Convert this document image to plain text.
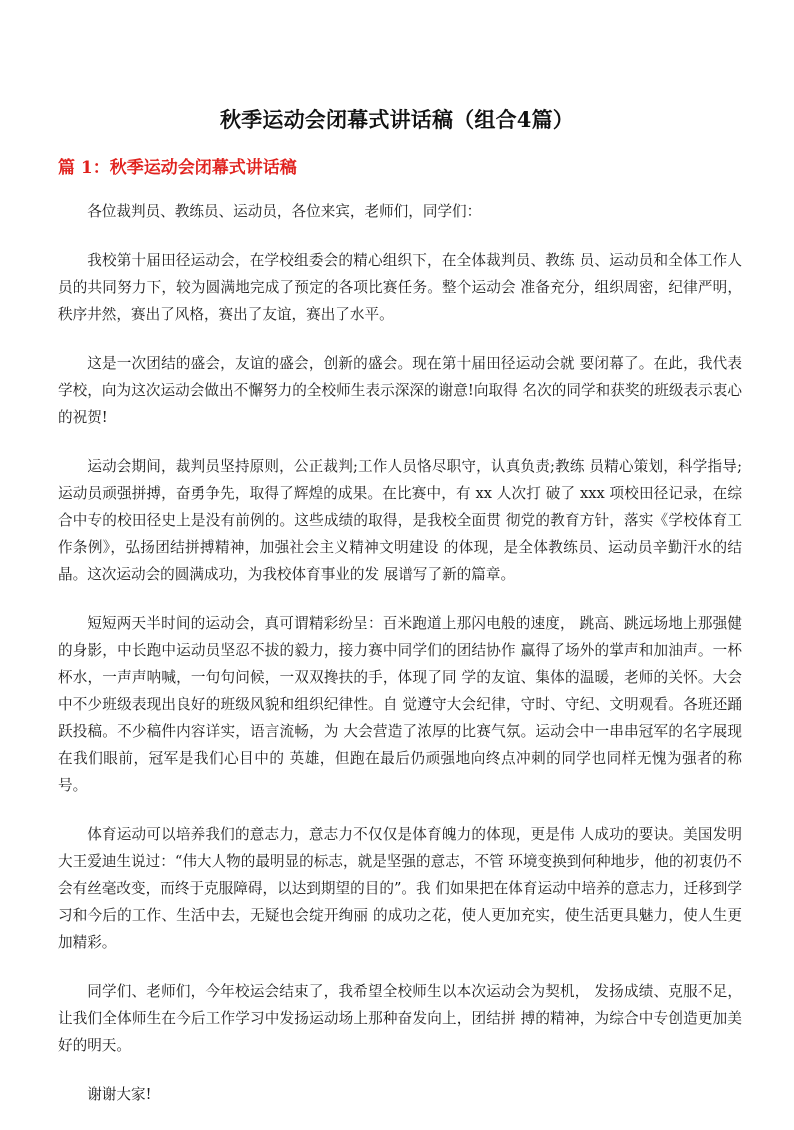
秋季运动会闭幕式讲话稿（组合4篇）
篇 1：秋季运动会闭幕式讲话稿

各位裁判员、教练员、运动员，各位来宾，老师们，同学们：

我校第十届田径运动会，在学校组委会的精心组织下，在全体裁判员、教练 员、运动员和全体工作人员的共同努力下，较为圆满地完成了预定的各项比赛任务。整个运动会 准备充分，组织周密，纪律严明，秩序井然，赛出了风格，赛出了友谊，赛出了水平。

这是一次团结的盛会，友谊的盛会，创新的盛会。现在第十届田径运动会就 要闭幕了。在此，我代表学校，向为这次运动会做出不懈努力的全校师生表示深深的谢意!向取得 名次的同学和获奖的班级表示衷心的祝贺!

运动会期间，裁判员坚持原则，公正裁判;工作人员恪尽职守，认真负责;教练 员精心策划，科学指导;运动员顽强拼搏，奋勇争先，取得了辉煌的成果。在比赛中，有 xx 人次打 破了 xxx 项校田径记录，在综合中专的校田径史上是没有前例的。这些成绩的取得，是我校全面贯 彻党的教育方针，落实《学校体育工作条例》，弘扬团结拼搏精神，加强社会主义精神文明建设 的体现，是全体教练员、运动员辛勤汗水的结晶。这次运动会的圆满成功，为我校体育事业的发 展谱写了新的篇章。

短短两天半时间的运动会，真可谓精彩纷呈：百米跑道上那闪电般的速度， 跳高、跳远场地上那强健的身影，中长跑中运动员坚忍不拔的毅力，接力赛中同学们的团结协作 赢得了场外的掌声和加油声。一杯杯水，一声声呐喊，一句句问候，一双双搀扶的手，体现了同 学的友谊、集体的温暖，老师的关怀。大会中不少班级表现出良好的班级风貌和组织纪律性。自 觉遵守大会纪律，守时、守纪、文明观看。各班还踊跃投稿。不少稿件内容详实，语言流畅，为 大会营造了浓厚的比赛气氛。运动会中一串串冠军的名字展现在我们眼前，冠军是我们心目中的 英雄，但跑在最后仍顽强地向终点冲刺的同学也同样无愧为强者的称号。

体育运动可以培养我们的意志力，意志力不仅仅是体育魄力的体现，更是伟 人成功的要诀。美国发明大王爱迪生说过：“伟大人物的最明显的标志，就是坚强的意志，不管 环境变换到何种地步，他的初衷仍不会有丝毫改变，而终于克服障碍，以达到期望的目的”。我 们如果把在体育运动中培养的意志力，迁移到学习和今后的工作、生活中去，无疑也会绽开绚丽 的成功之花，使人更加充实，使生活更具魅力，使人生更加精彩。

同学们、老师们，今年校运会结束了，我希望全校师生以本次运动会为契机， 发扬成绩、克服不足，让我们全体师生在今后工作学习中发扬运动场上那种奋发向上，团结拼 搏的精神，为综合中专创造更加美好的明天。

谢谢大家!
